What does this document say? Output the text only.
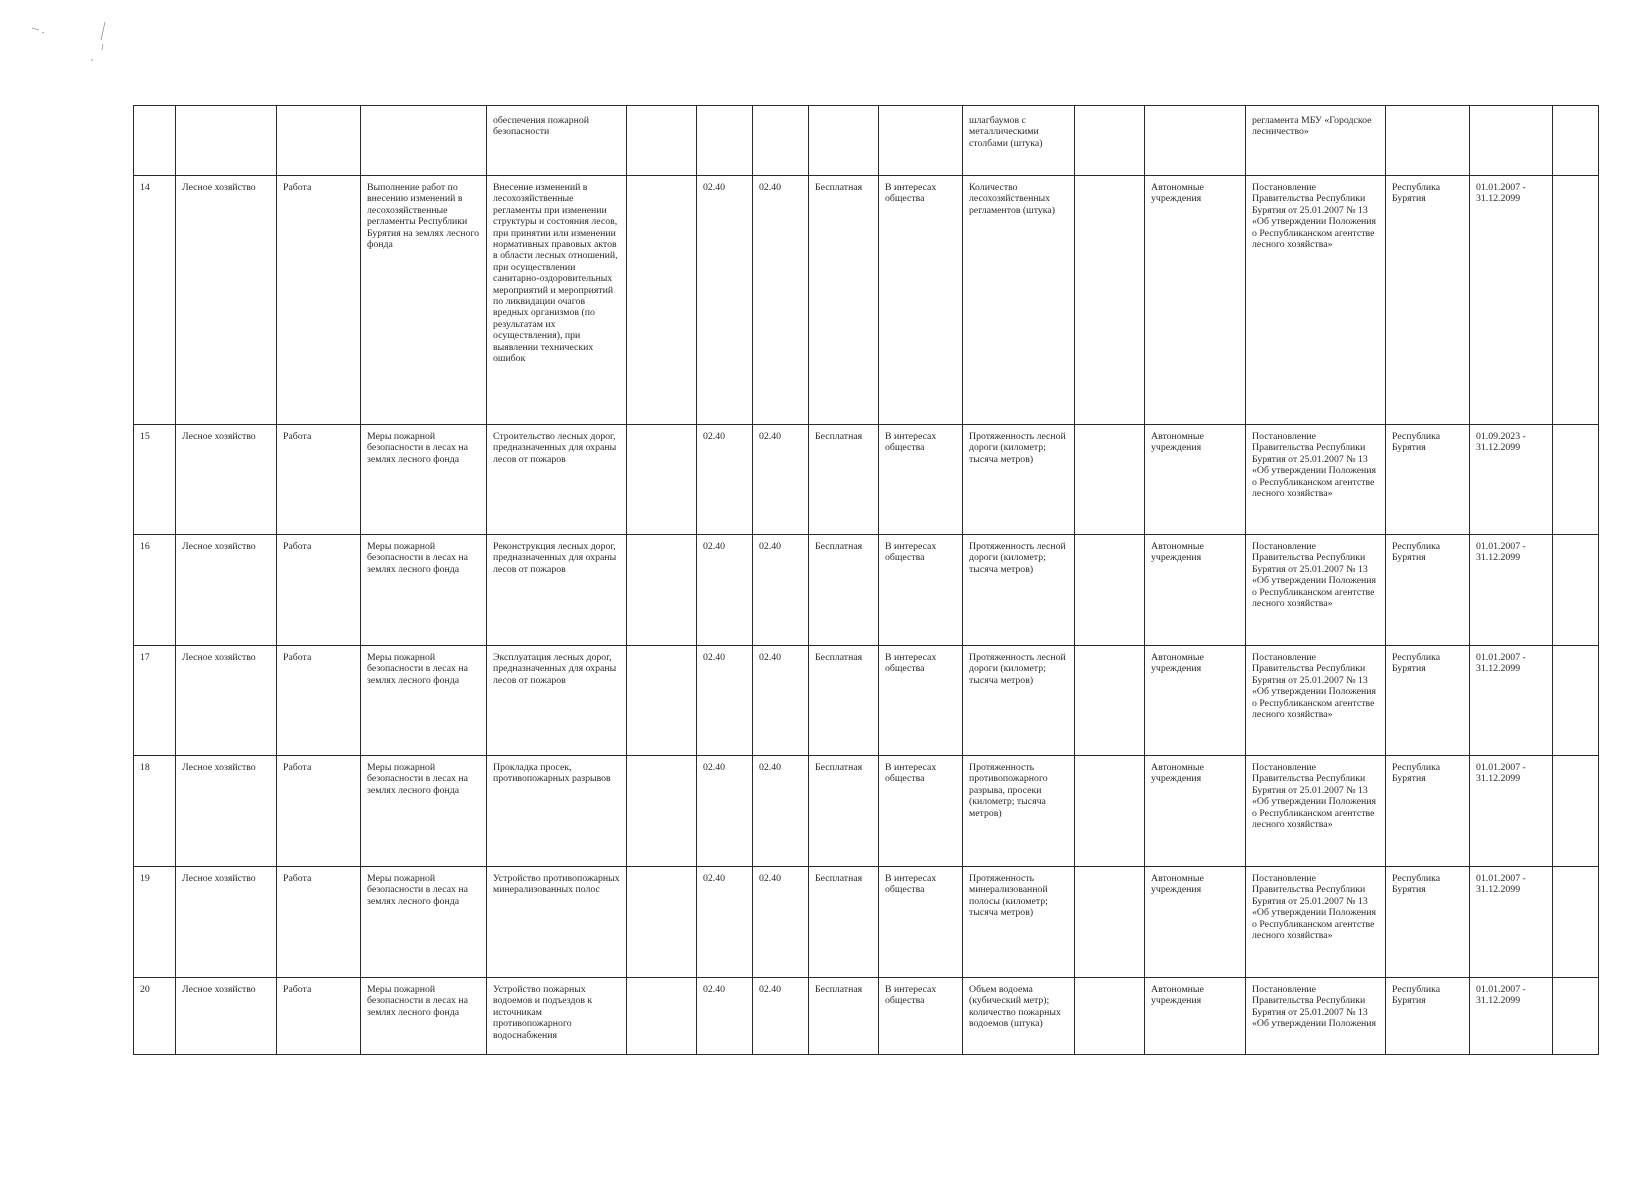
				обеспечения пожарной безопасности						шлагбаумов с металлическими столбами (штука)			регламента МБУ «Городское лесничество»			
14	Лесное хозяйство	Работа	Выполнение работ по внесению изменений в лесохозяйственные регламенты Республики Бурятия на землях лесного фонда	Внесение изменений в лесохозяйственные регламенты при изменении структуры и состояния лесов, при принятии или изменении нормативных правовых актов в области лесных отношений, при осуществлении санитарно-оздоровительных мероприятий и мероприятий по ликвидации очагов вредных организмов (по результатам их осуществления), при выявлении технических ошибок		02.40	02.40	Бесплатная	В интересах общества	Количество лесохозяйственных регламентов (штука)		Автономные учреждения	Постановление Правительства Республики Бурятия от 25.01.2007 № 13 «Об утверждении Положения о Республиканском агентстве лесного хозяйства»	Республика Бурятия	01.01.2007 - 31.12.2099	
15	Лесное хозяйство	Работа	Меры пожарной безопасности в лесах на землях лесного фонда	Строительство лесных дорог, предназначенных для охраны лесов от пожаров		02.40	02.40	Бесплатная	В интересах общества	Протяженность лесной дороги (километр; тысяча метров)		Автономные учреждения	Постановление Правительства Республики Бурятия от 25.01.2007 № 13 «Об утверждении Положения о Республиканском агентстве лесного хозяйства»	Республика Бурятия	01.09.2023 - 31.12.2099	
16	Лесное хозяйство	Работа	Меры пожарной безопасности в лесах на землях лесного фонда	Реконструкция лесных дорог, предназначенных для охраны лесов от пожаров		02.40	02.40	Бесплатная	В интересах общества	Протяженность лесной дороги (километр; тысяча метров)		Автономные учреждения	Постановление Правительства Республики Бурятия от 25.01.2007 № 13 «Об утверждении Положения о Республиканском агентстве лесного хозяйства»	Республика Бурятия	01.01.2007 - 31.12.2099	
17	Лесное хозяйство	Работа	Меры пожарной безопасности в лесах на землях лесного фонда	Эксплуатация лесных дорог, предназначенных для охраны лесов от пожаров		02.40	02.40	Бесплатная	В интересах общества	Протяженность лесной дороги (километр; тысяча метров)		Автономные учреждения	Постановление Правительства Республики Бурятия от 25.01.2007 № 13 «Об утверждении Положения о Республиканском агентстве лесного хозяйства»	Республика Бурятия	01.01.2007 - 31.12.2099	
18	Лесное хозяйство	Работа	Меры пожарной безопасности в лесах на землях лесного фонда	Прокладка просек, противопожарных разрывов		02.40	02.40	Бесплатная	В интересах общества	Протяженность противопожарного разрыва, просеки (километр; тысяча метров)		Автономные учреждения	Постановление Правительства Республики Бурятия от 25.01.2007 № 13 «Об утверждении Положения о Республиканском агентстве лесного хозяйства»	Республика Бурятия	01.01.2007 - 31.12.2099	
19	Лесное хозяйство	Работа	Меры пожарной безопасности в лесах на землях лесного фонда	Устройство противопожарных минерализованных полос		02.40	02.40	Бесплатная	В интересах общества	Протяженность минерализованной полосы (километр; тысяча метров)		Автономные учреждения	Постановление Правительства Республики Бурятия от 25.01.2007 № 13 «Об утверждении Положения о Республиканском агентстве лесного хозяйства»	Республика Бурятия	01.01.2007 - 31.12.2099	
20	Лесное хозяйство	Работа	Меры пожарной безопасности в лесах на землях лесного фонда	Устройство пожарных водоемов и подъездов к источникам противопожарного водоснабжения		02.40	02.40	Бесплатная	В интересах общества	Объем водоема (кубический метр); количество пожарных водоемов (штука)		Автономные учреждения	Постановление Правительства Республики Бурятия от 25.01.2007 № 13 «Об утверждении Положения	Республика Бурятия	01.01.2007 - 31.12.2099	
